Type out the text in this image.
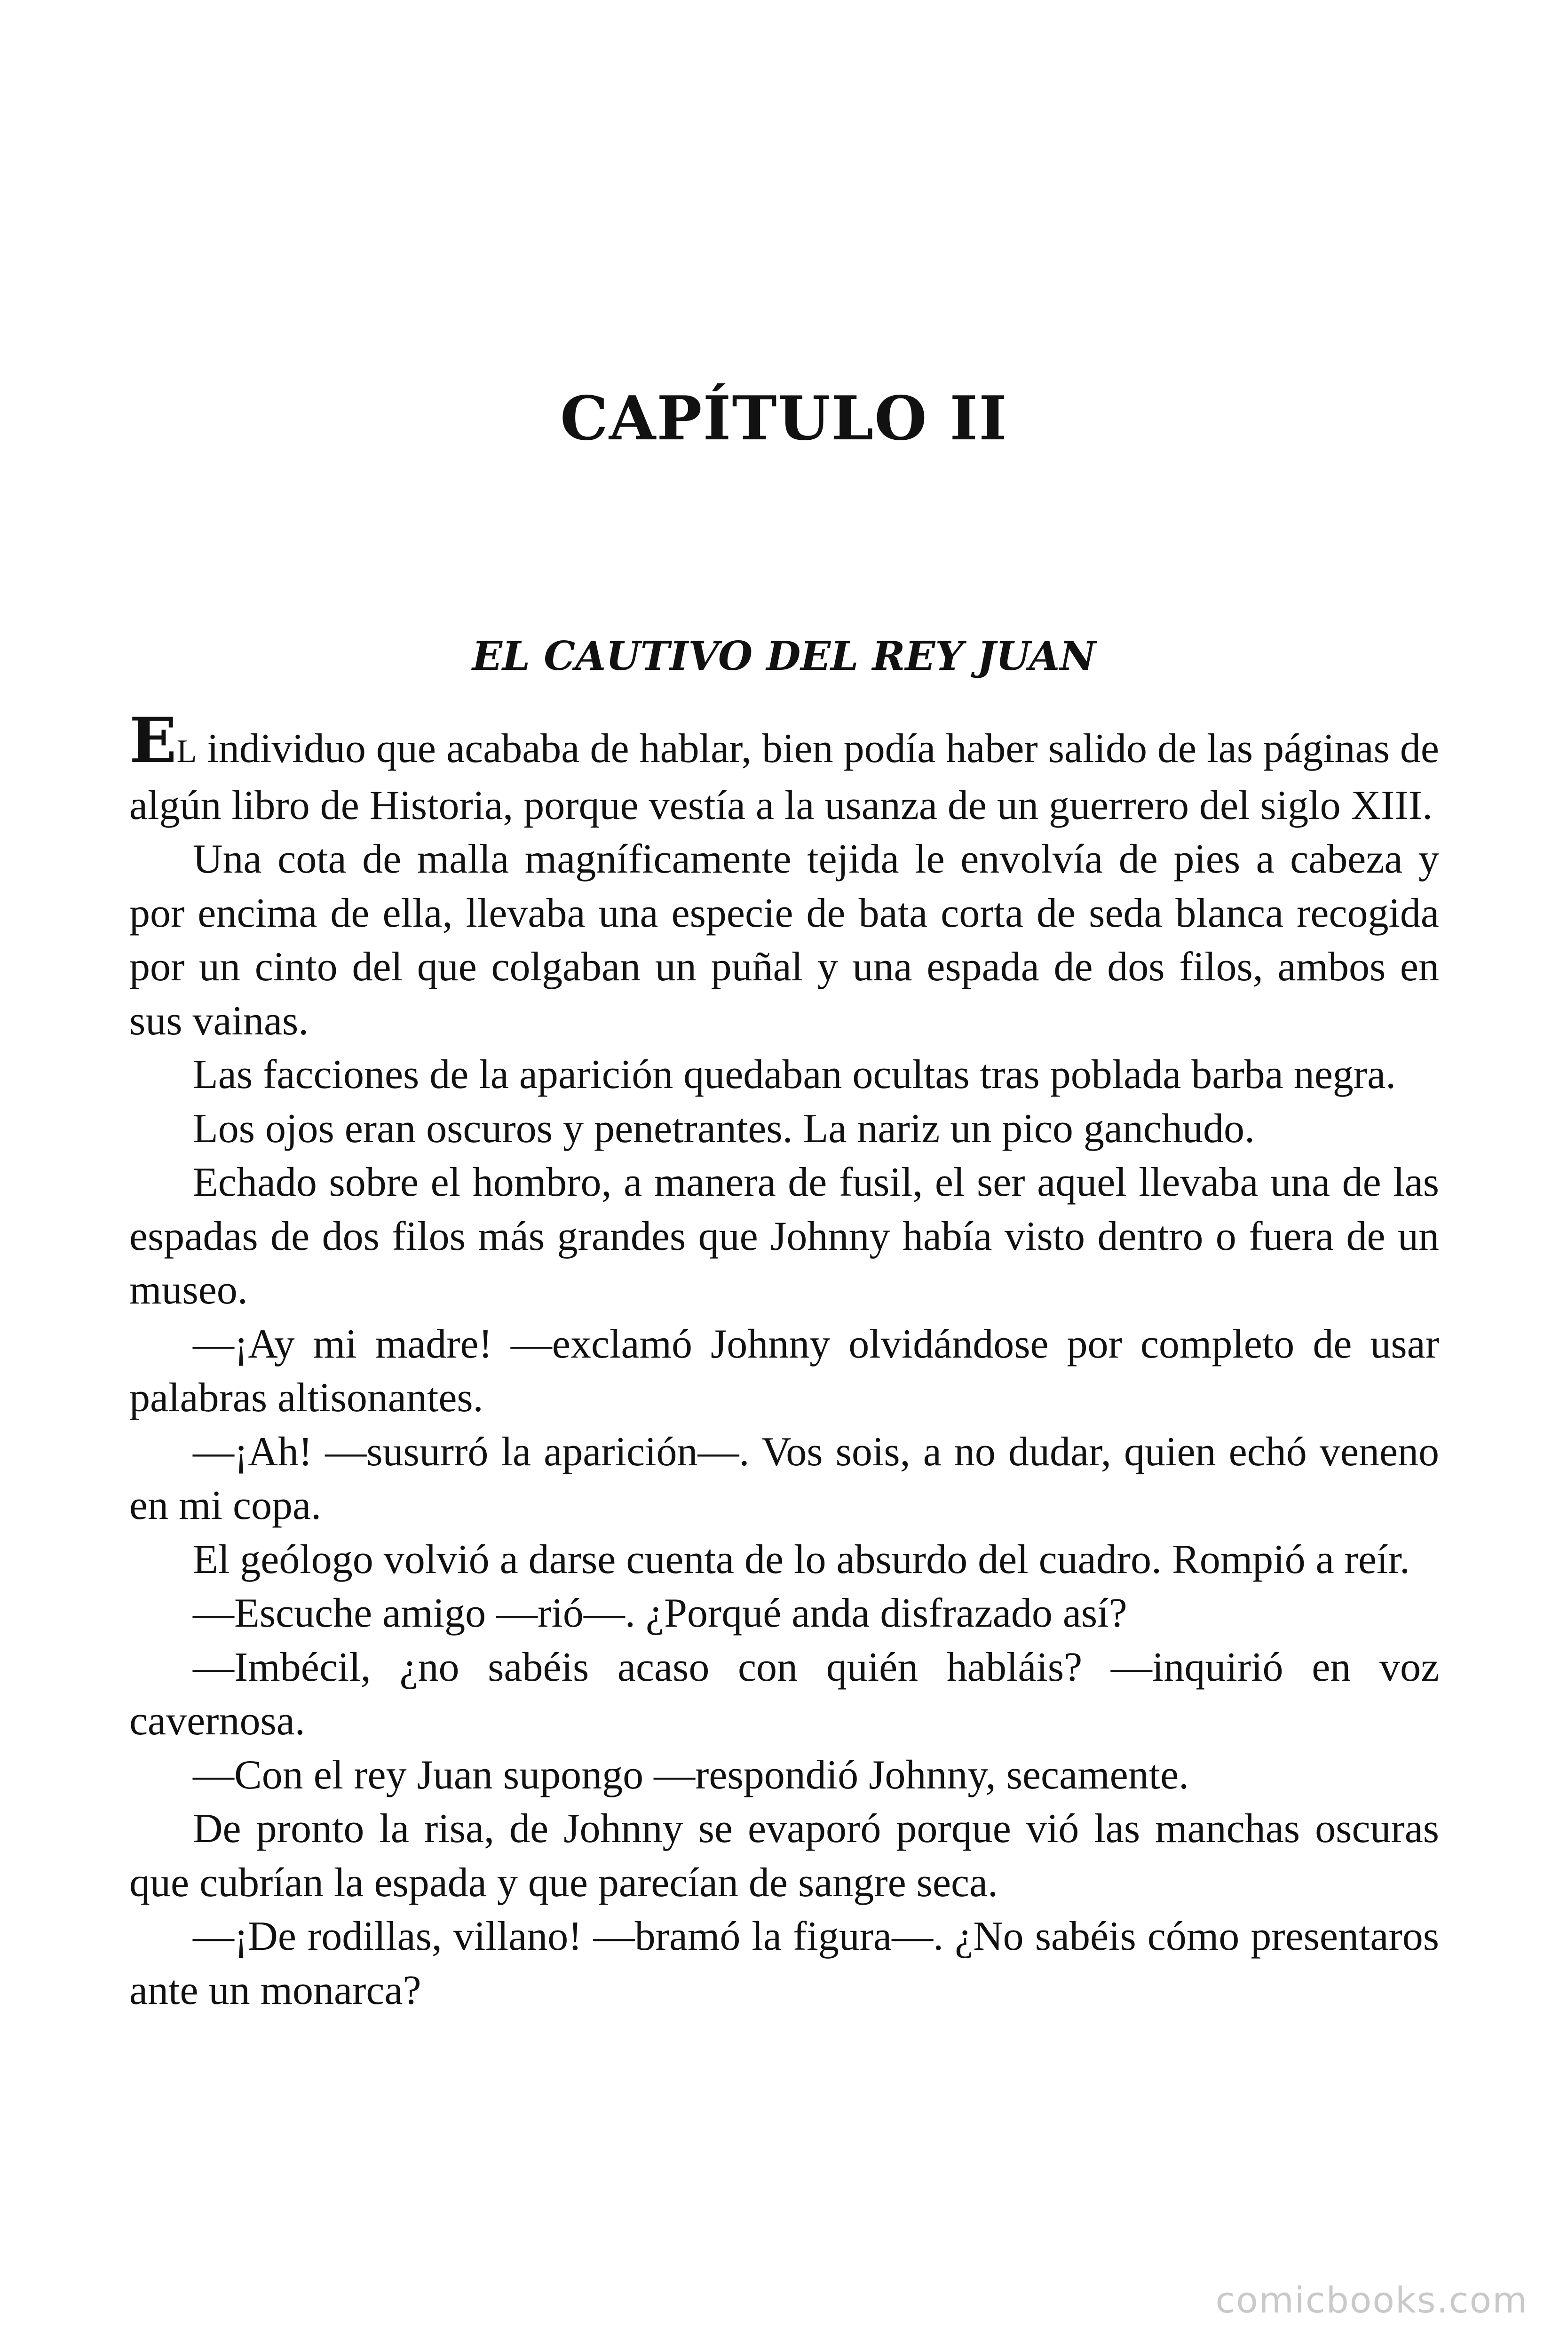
CAPÍTULO II
EL CAUTIVO DEL REY JUAN

EL individuo que acababa de hablar, bien podía haber salido de las páginas de algún libro de Historia, porque vestía a la usanza de un guerrero del siglo XIII.

Una cota de malla magníficamente tejida le envolvía de pies a cabeza y por encima de ella, llevaba una especie de bata corta de seda blanca recogida por un cinto del que colgaban un puñal y una espada de dos filos, ambos en sus vainas.

Las facciones de la aparición quedaban ocultas tras poblada barba negra.

Los ojos eran oscuros y penetrantes. La nariz un pico ganchudo.

Echado sobre el hombro, a manera de fusil, el ser aquel llevaba una de las espadas de dos filos más grandes que Johnny había visto dentro o fuera de un museo.

—¡Ay mi madre! —exclamó Johnny olvidándose por completo de usar palabras altisonantes.

—¡Ah! —susurró la aparición—. Vos sois, a no dudar, quien echó veneno en mi copa.

El geólogo volvió a darse cuenta de lo absurdo del cuadro. Rompió a reír.

—Escuche amigo —rió—. ¿Porqué anda disfrazado así?

—Imbécil, ¿no sabéis acaso con quién habláis? —inquirió en voz cavernosa.

—Con el rey Juan supongo —respondió Johnny, secamente.

De pronto la risa, de Johnny se evaporó porque vió las manchas oscuras que cubrían la espada y que parecían de sangre seca.

—¡De rodillas, villano! —bramó la figura—. ¿No sabéis cómo presentaros ante un monarca?

comicbooks.com
